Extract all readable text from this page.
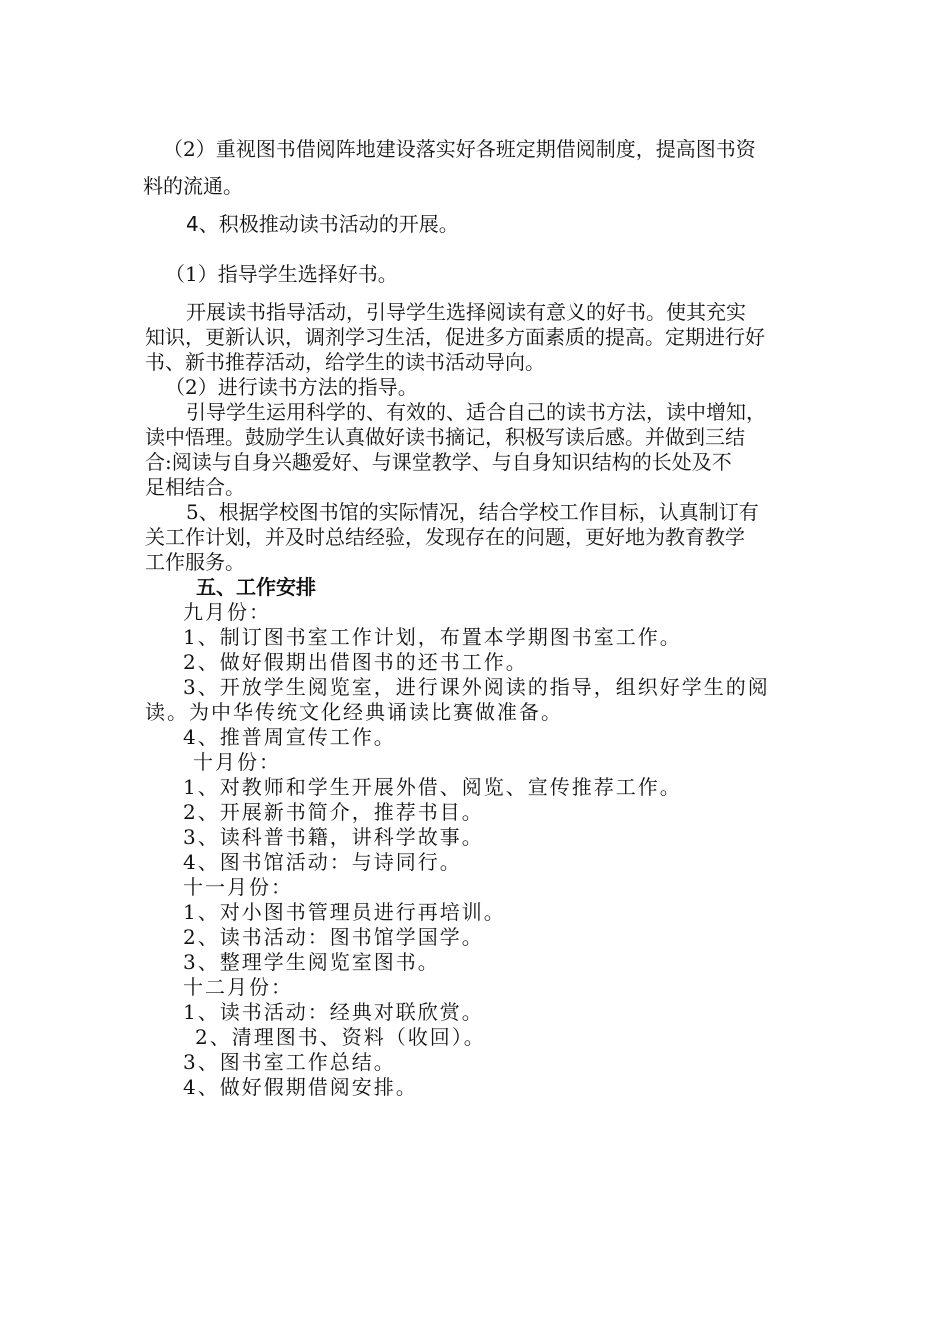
（2）重视图书借阅阵地建设落实好各班定期借阅制度，提高图书资
料的流通。
4、积极推动读书活动的开展。
（1）指导学生选择好书。
开展读书指导活动，引导学生选择阅读有意义的好书。使其充实
知识，更新认识，调剂学习生活，促进多方面素质的提高。定期进行好
书、新书推荐活动，给学生的读书活动导向。
（2）进行读书方法的指导。
引导学生运用科学的、有效的、适合自己的读书方法，读中增知，
读中悟理。鼓励学生认真做好读书摘记，积极写读后感。并做到三结
合:阅读与自身兴趣爱好、与课堂教学、与自身知识结构的长处及不
足相结合。
5、根据学校图书馆的实际情况，结合学校工作目标，认真制订有
关工作计划，并及时总结经验，发现存在的问题，更好地为教育教学
工作服务。
五、工作安排
九月份：
1、制订图书室工作计划，布置本学期图书室工作。
2、做好假期出借图书的还书工作。
3、开放学生阅览室，进行课外阅读的指导，组织好学生的阅
读。为中华传统文化经典诵读比赛做准备。
4、推普周宣传工作。
十月份：
1、对教师和学生开展外借、阅览、宣传推荐工作。
2、开展新书简介，推荐书目。
3、读科普书籍，讲科学故事。
4、图书馆活动：与诗同行。
十一月份：
1、对小图书管理员进行再培训。
2、读书活动：图书馆学国学。
3、整理学生阅览室图书。
十二月份：
1、读书活动：经典对联欣赏。
2、清理图书、资料（收回）。
3、图书室工作总结。
4、做好假期借阅安排。
